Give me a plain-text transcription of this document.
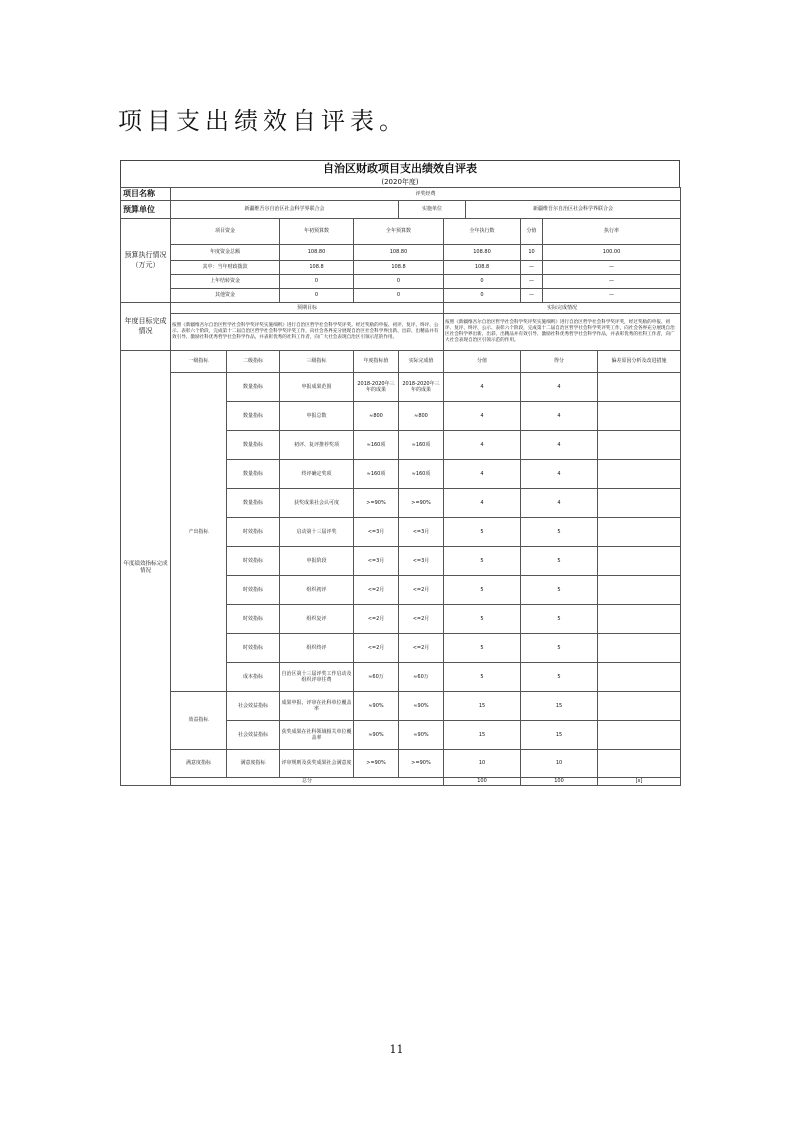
项目支出绩效自评表。
自治区财政项目支出绩效自评表
(2020年度)
项目名称	评奖经费										
预算单位	新疆维吾尔自治区社会科学界联合会				实施单位		新疆维吾尔自治区社会科学界联合会				
预算执行情况（万元）	项目资金		年初预算数	全年预算数		全年执行数		分值	执行率	
	年度资金总额		108.80	108.80		108.80		10	100.00	
	其中：当年财政拨款		108.8	108.8		108.8		—	—	
	上年结转资金		0	0		0		—	—	
	其他资金		0	0		0		—	—	
年度目标完成情况	预期目标					实际完成情况					
	按照《新疆维吾尔自治区哲学社会科学奖评奖实施细则》进行自治区哲学社会科学奖评奖。经过奖励的申报、初评、复评、终评、公示、表彰六个阶段，完成第十二届自治区哲学社会科学奖评奖工作，向社会各界充分展现自治区社会科学界出新、出彩、出精品并有效引导、激励社科优秀哲学社会科学作品，并表彰优秀的社科工作者，向广大社会表现自治区引领示范的作用。					按照《新疆维吾尔自治区哲学社会科学奖评奖实施细则》进行自治区哲学社会科学奖评奖，经过奖励的申报、初评、复评、终评、公示、表彰六个阶段，完成第十二届自治区哲学社会科学奖评奖工作，向社会各界充分展现自治区社会科学界出新、出彩、出精品并有效引导、激励社科优秀哲学社会科学作品，并表彰优秀的社科工作者，向广大社会表现自治区引领示范的作用。					
年度绩效指标完成情况	一级指标	二级指标	三级指标	年度指标值	实际完成值	分值		得分		偏差原因分析及改进措施	
	产出指标	数量指标	申报成果范围	2018-2020年三年的成果	2018-2020年三年的成果	4		4			
		数量指标	申报总数	≈800	≈800	4		4			
		数量指标	初评、复评推荐奖项	≈160项	≈160项	4		4			
		数量指标	终评确定奖项	≈160项	≈160项	4		4			
		数量指标	获奖成果社会认可度	>=90%	>=90%	4		4			
		时效指标	启动第十三届评奖	<=3月	<=3月	5		5			
		时效指标	申报阶段	<=3月	<=3月	5		5			
		时效指标	组织初评	<=2月	<=2月	5		5			
		时效指标	组织复评	<=2月	<=2月	5		5			
		时效指标	组织终评	<=2月	<=2月	5		5			
		成本指标	自治区第十三届评奖工作启动及组织评审往费	≈60万	≈60万	5		5			
	效益指标	社会效益指标	成果申报、评审在社科单位覆盖率	≈90%	≈90%	15		15			
		社会效益指标	获奖成果在社科领域相关单位覆盖率	≈90%	≈90%	15		15			
	满意度指标	满意度指标	评审规则及获奖成果社会满意度	>=90%	>=90%	10		10			
	总分					100		100		[x]	
11
